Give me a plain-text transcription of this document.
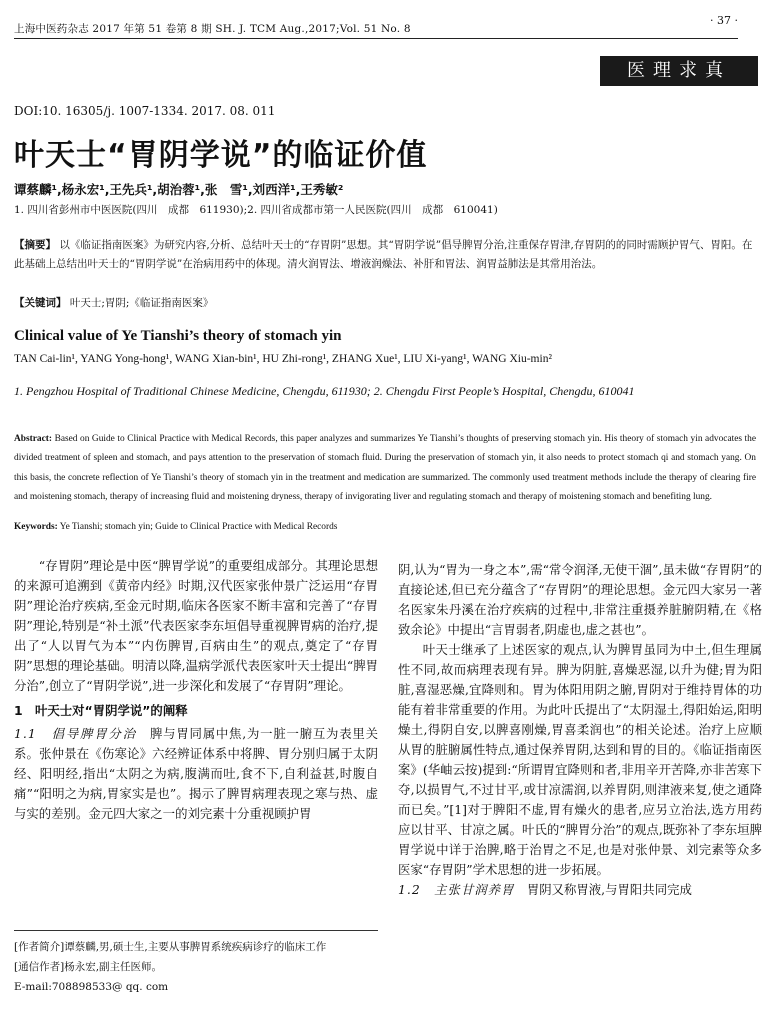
上海中医药杂志 2017 年第 51 卷第 8 期 SH. J. TCM Aug.,2017;Vol. 51 No. 8
· 37 ·
医理求真
DOI:10. 16305/j. 1007-1334. 2017. 08. 011
叶天士“胃阴学说”的临证价值
谭蔡麟¹,杨永宏¹,王先兵¹,胡治蓉¹,张　雪¹,刘西洋¹,王秀敏²
1. 四川省彭州市中医医院(四川　成都　611930);2. 四川省成都市第一人民医院(四川　成都　610041)
【摘要】 以《临证指南医案》为研究内容,分析、总结叶天士的“存胃阴”思想。其“胃阴学说”倡导脾胃分治,注重保存胃津,存胃阴的的同时需顾护胃气、胃阳。在此基础上总结出叶天士的“胃阴学说”在治病用药中的体现。清火润胃法、增液润燥法、补肝和胃法、润胃益肺法是其常用治法。
【关键词】 叶天士;胃阴;《临证指南医案》
Clinical value of Ye Tianshi’s theory of stomach yin
TAN Cai-lin¹, YANG Yong-hong¹, WANG Xian-bin¹, HU Zhi-rong¹, ZHANG Xue¹, LIU Xi-yang¹, WANG Xiu-min²
1. Pengzhou Hospital of Traditional Chinese Medicine, Chengdu, 611930; 2. Chengdu First People’s Hospital, Chengdu, 610041
Abstract: Based on Guide to Clinical Practice with Medical Records, this paper analyzes and summarizes Ye Tianshi’s thoughts of preserving stomach yin. His theory of stomach yin advocates the divided treatment of spleen and stomach, and pays attention to the preservation of stomach fluid. During the preservation of stomach yin, it also needs to protect stomach qi and stomach yang. On this basis, the concrete reflection of Ye Tianshi’s theory of stomach yin in the treatment and medication are summarized. The commonly used treatment methods include the therapy of clearing fire and moistening stomach, therapy of increasing fluid and moistening dryness, therapy of invigorating liver and regulating stomach and therapy of moistening stomach and benefiting lung.
Keywords: Ye Tianshi; stomach yin; Guide to Clinical Practice with Medical Records

“存胃阴”理论是中医“脾胃学说”的重要组成部分。其理论思想的来源可追溯到《黄帝内经》时期,汉代医家张仲景广泛运用“存胃阴”理论治疗疾病,至金元时期,临床各医家不断丰富和完善了“存胃阴”理论,特别是“补土派”代表医家李东垣倡导重视脾胃病的治疗,提出了“人以胃气为本”“内伤脾胃,百病由生”的观点,奠定了“存胃阴”思想的理论基础。明清以降,温病学派代表医家叶天士提出“脾胃分治”,创立了“胃阴学说”,进一步深化和发展了“存胃阴”理论。

1　叶天士对“胃阴学说”的阐释

1.1　倡导脾胃分治　 脾与胃同属中焦,为一脏一腑互为表里关系。张仲景在《伤寒论》六经辨证体系中将脾、胃分别归属于太阴经、阳明经,指出“太阴之为病,腹满而吐,食不下,自利益甚,时腹自痛”“阳明之为病,胃家实是也”。揭示了脾胃病理表现之寒与热、虚与实的差别。金元四大家之一的刘完素十分重视顾护胃

阴,认为“胃为一身之本”,需“常令润泽,无使干涸”,虽未做“存胃阴”的直接论述,但已充分蕴含了“存胃阴”的理论思想。金元四大家另一著名医家朱丹溪在治疗疾病的过程中,非常注重摄养脏腑阴精,在《格致余论》中提出“言胃弱者,阴虚也,虚之甚也”。

叶天士继承了上述医家的观点,认为脾胃虽同为中土,但生理属性不同,故而病理表现有异。脾为阴脏,喜燥恶湿,以升为健;胃为阳脏,喜湿恶燥,宜降则和。胃为体阳用阴之腑,胃阴对于维持胃体的功能有着非常重要的作用。为此叶氏提出了“太阴湿土,得阳始运,阳明燥土,得阴自安,以脾喜刚燥,胃喜柔润也”的相关论述。治疗上应顺从胃的脏腑属性特点,通过保养胃阴,达到和胃的目的。《临证指南医案》(华岫云按)提到:“所谓胃宜降则和者,非用辛开苦降,亦非苦寒下夺,以损胃气,不过甘平,或甘凉濡润,以养胃阴,则津液来复,使之通降而已矣。”[1]对于脾阳不虚,胃有燥火的患者,应另立治法,选方用药应以甘平、甘凉之属。叶氏的“脾胃分治”的观点,既弥补了李东垣脾胃学说中详于治脾,略于治胃之不足,也是对张仲景、刘完素等众多医家“存胃阴”学术思想的进一步拓展。

1.2　主张甘润养胃　 胃阴又称胃液,与胃阳共同完成

[作者简介]谭蔡麟,男,硕士生,主要从事脾胃系统疾病诊疗的临床工作
[通信作者]杨永宏,副主任医师。
E-mail:708898533@ qq. com
